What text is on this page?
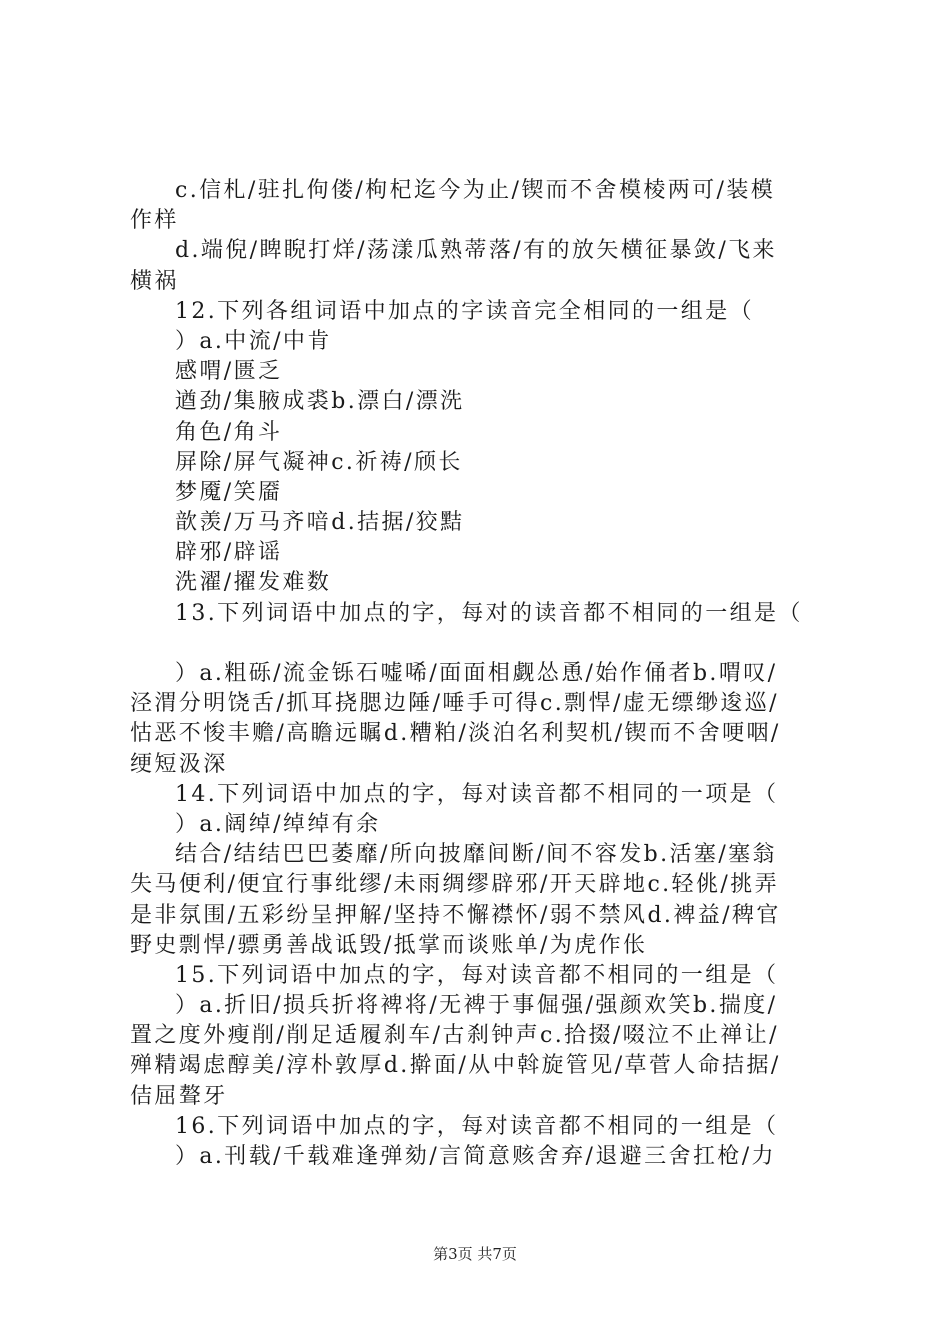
c.信札/驻扎佝偻/枸杞迄今为止/锲而不舍模棱两可/装模
作样
d.端倪/睥睨打烊/荡漾瓜熟蒂落/有的放矢横征暴敛/飞来
横祸
12.下列各组词语中加点的字读音完全相同的一组是（
）a.中流/中肯
感喟/匮乏
遒劲/集腋成裘b.漂白/漂洗
角色/角斗
屏除/屏气凝神c.祈祷/颀长
梦魇/笑靥
歆羡/万马齐喑d.拮据/狡黠
辟邪/辟谣
洗濯/擢发难数
13.下列词语中加点的字，每对的读音都不相同的一组是（
）a.粗砾/流金铄石嘘唏/面面相觑怂恿/始作俑者b.喟叹/
泾渭分明饶舌/抓耳挠腮边陲/唾手可得c.剽悍/虚无缥缈逡巡/
怙恶不悛丰赡/高瞻远瞩d.糟粕/淡泊名利契机/锲而不舍哽咽/
绠短汲深
14.下列词语中加点的字，每对读音都不相同的一项是（
）a.阔绰/绰绰有余
结合/结结巴巴萎靡/所向披靡间断/间不容发b.活塞/塞翁
失马便利/便宜行事纰缪/未雨绸缪辟邪/开天辟地c.轻佻/挑弄
是非氛围/五彩纷呈押解/坚持不懈襟怀/弱不禁风d.裨益/稗官
野史剽悍/骠勇善战诋毁/抵掌而谈账单/为虎作伥
15.下列词语中加点的字，每对读音都不相同的一组是（
）a.折旧/损兵折将裨将/无裨于事倔强/强颜欢笑b.揣度/
置之度外瘦削/削足适履刹车/古刹钟声c.拾掇/啜泣不止禅让/
殚精竭虑醇美/淳朴敦厚d.擀面/从中斡旋管见/草菅人命拮据/
佶屈聱牙
16.下列词语中加点的字，每对读音都不相同的一组是（
）a.刊载/千载难逢弹劾/言简意赅舍弃/退避三舍扛枪/力
第3页 共7页
